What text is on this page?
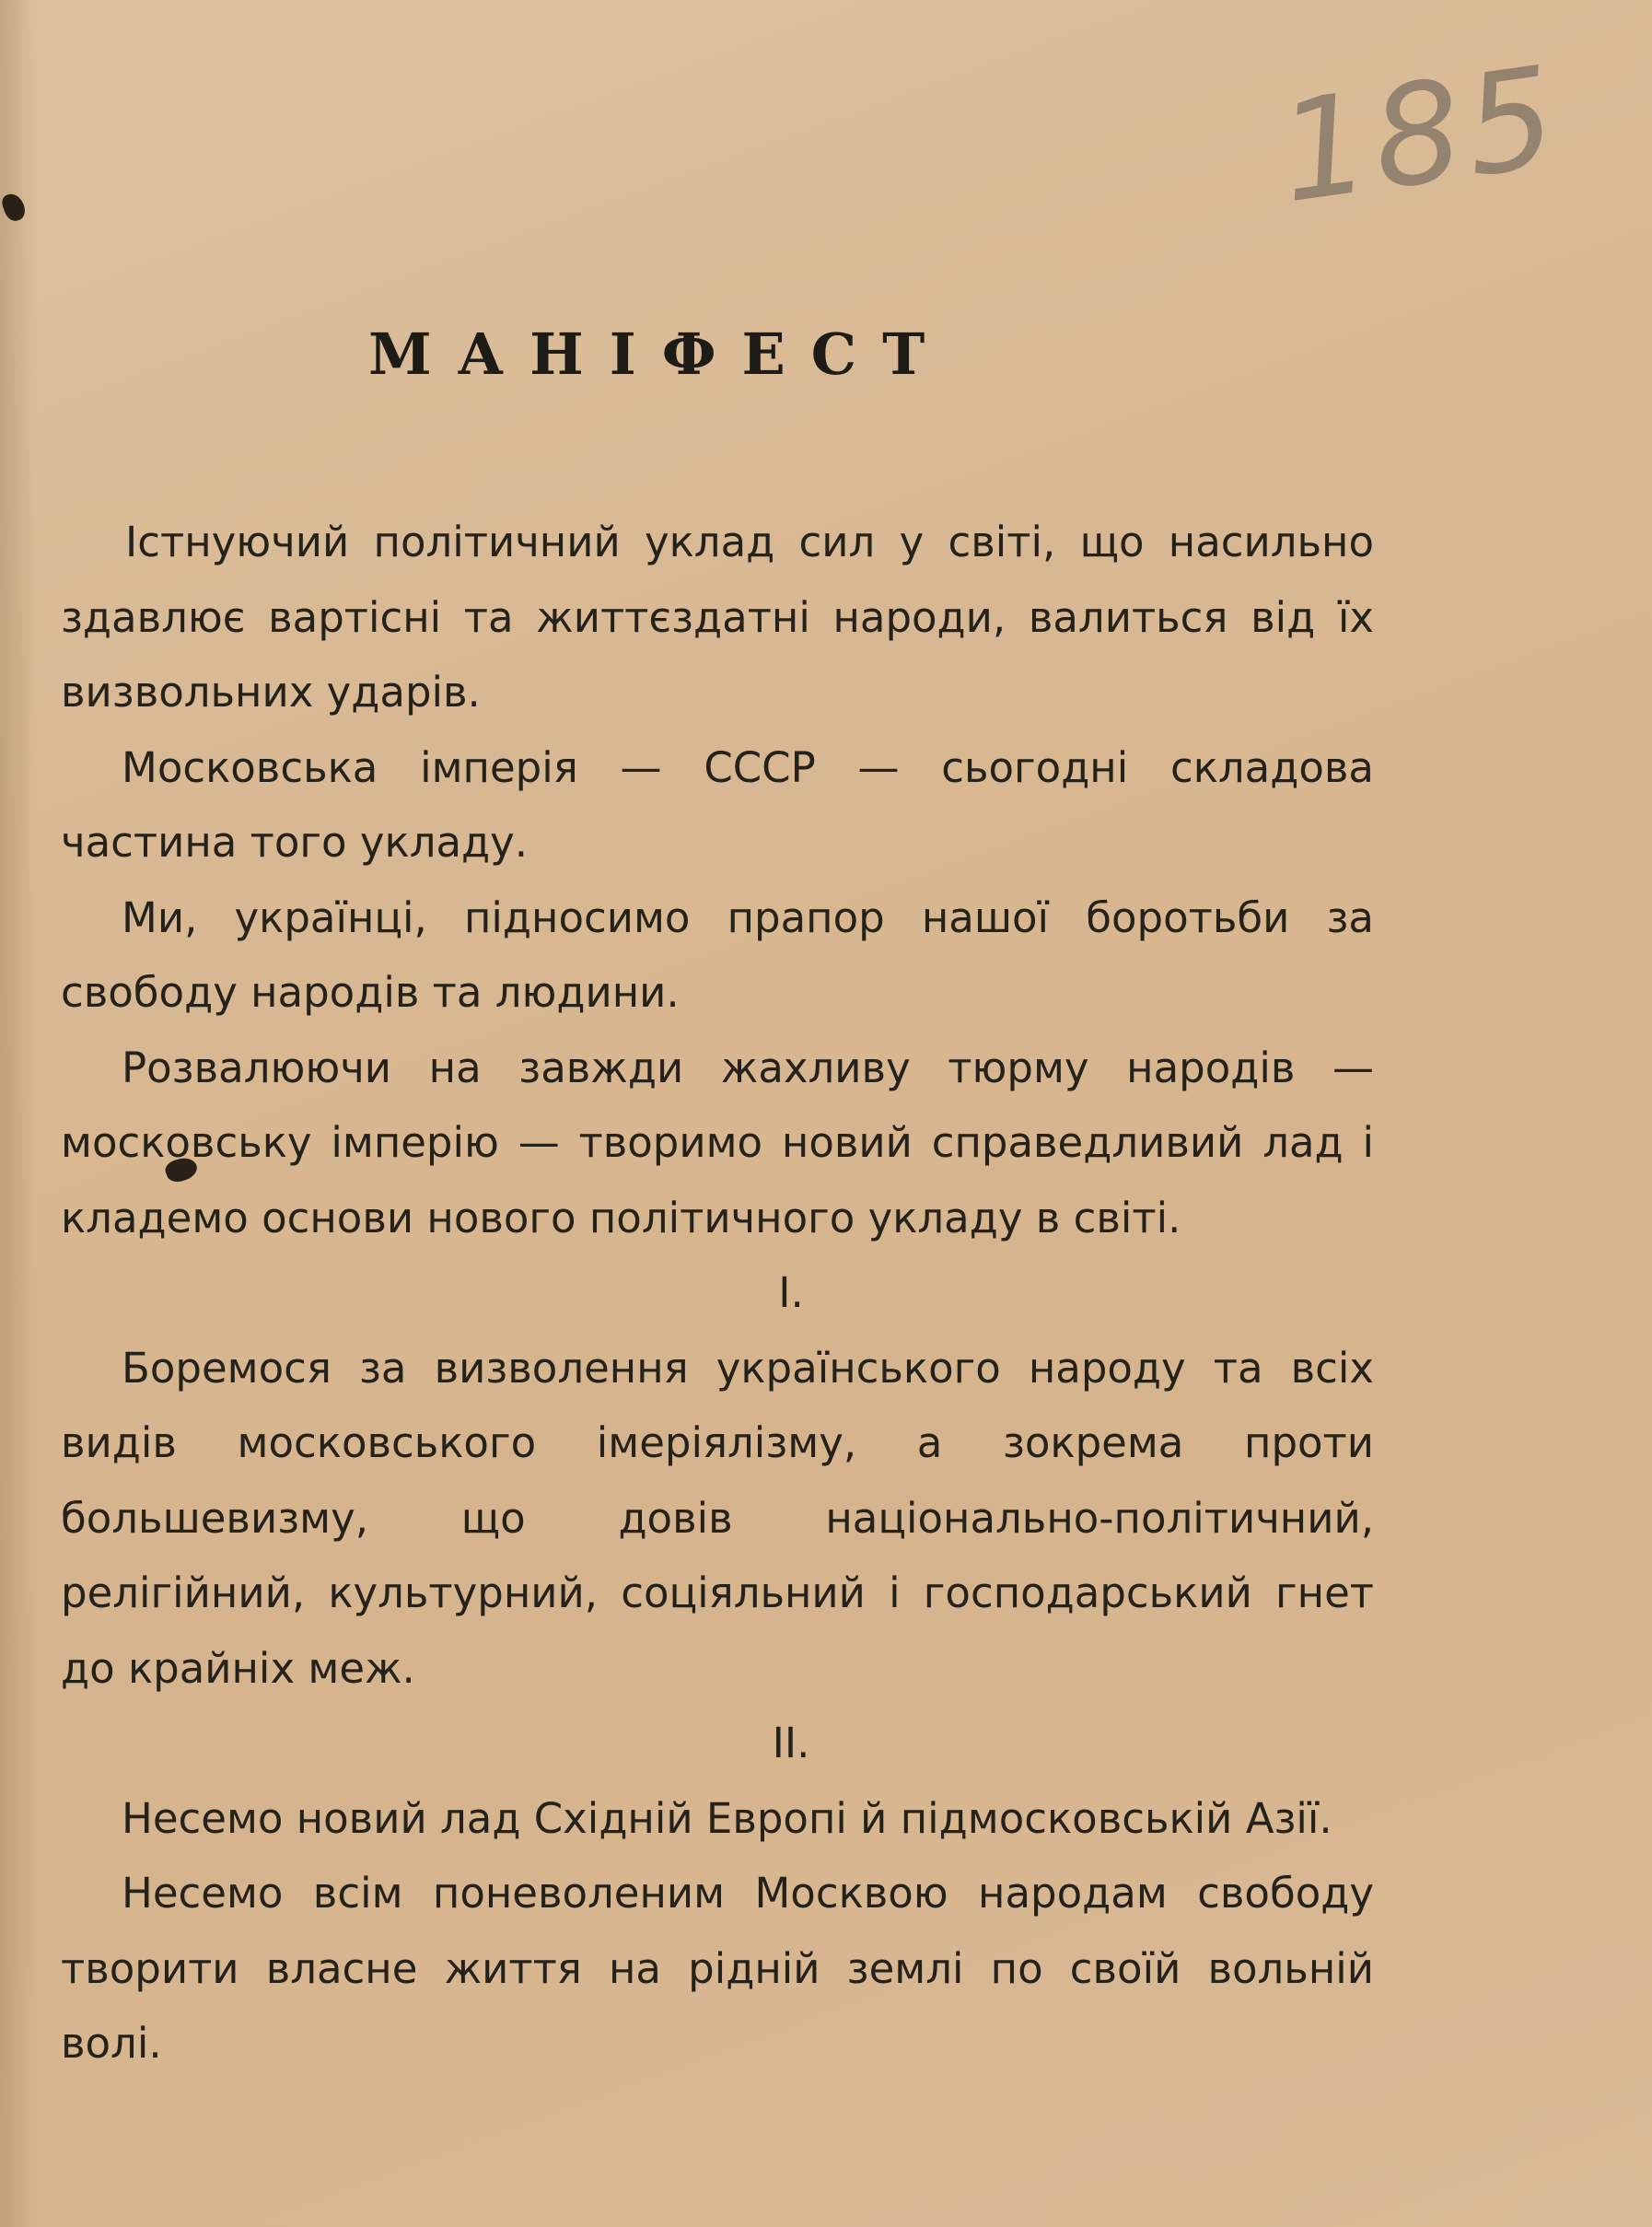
185
МАНІФЕСТ

Істнуючий політичний уклад сил у світі, що насильно здавлює вартісні та життєздатні народи, валиться від їх визвольних ударів.

Московська імперія — СССР — сьогодні складова частина того укладу.

Ми, українці, підносимо прапор нашої боротьби за свободу народів та людини.

Розвалюючи на завжди жахливу тюрму народів — московську імперію — творимо новий справедливий лад і кладемо основи нового політичного укладу в світі.

І.

Боремося за визволення українського народу та всіх видів московського імеріялізму, а зокрема проти большевизму, що довів національно-політичний, релігійний, культурний, соціяльний і господарський гнет до крайніх меж.

ІІ.

Несемо новий лад Східній Европі й підмосковській Азії.

Несемо всім поневоленим Москвою народам свободу творити власне життя на рідній землі по своїй вольній волі.
